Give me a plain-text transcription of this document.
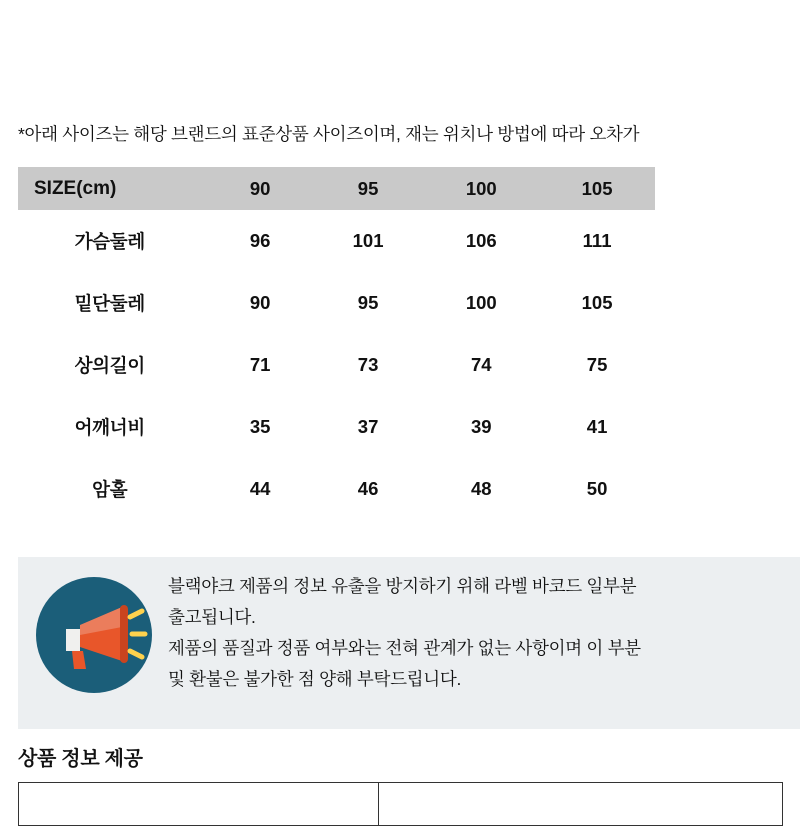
*아래 사이즈는 해당 브랜드의 표준상품 사이즈이며, 재는 위치나 방법에 따라 오차가
SIZE(cm)	90	95	100	105
가슴둘레	96	101	106	111
밑단둘레	90	95	100	105
상의길이	71	73	74	75
어깨너비	35	37	39	41
암홀	44	46	48	50
블랙야크 제품의 정보 유출을 방지하기 위해 라벨 바코드 일부분
출고됩니다.
제품의 품질과 정품 여부와는 전혀 관계가 없는 사항이며 이 부분
및 환불은 불가한 점 양해 부탁드립니다.
상품 정보 제공
